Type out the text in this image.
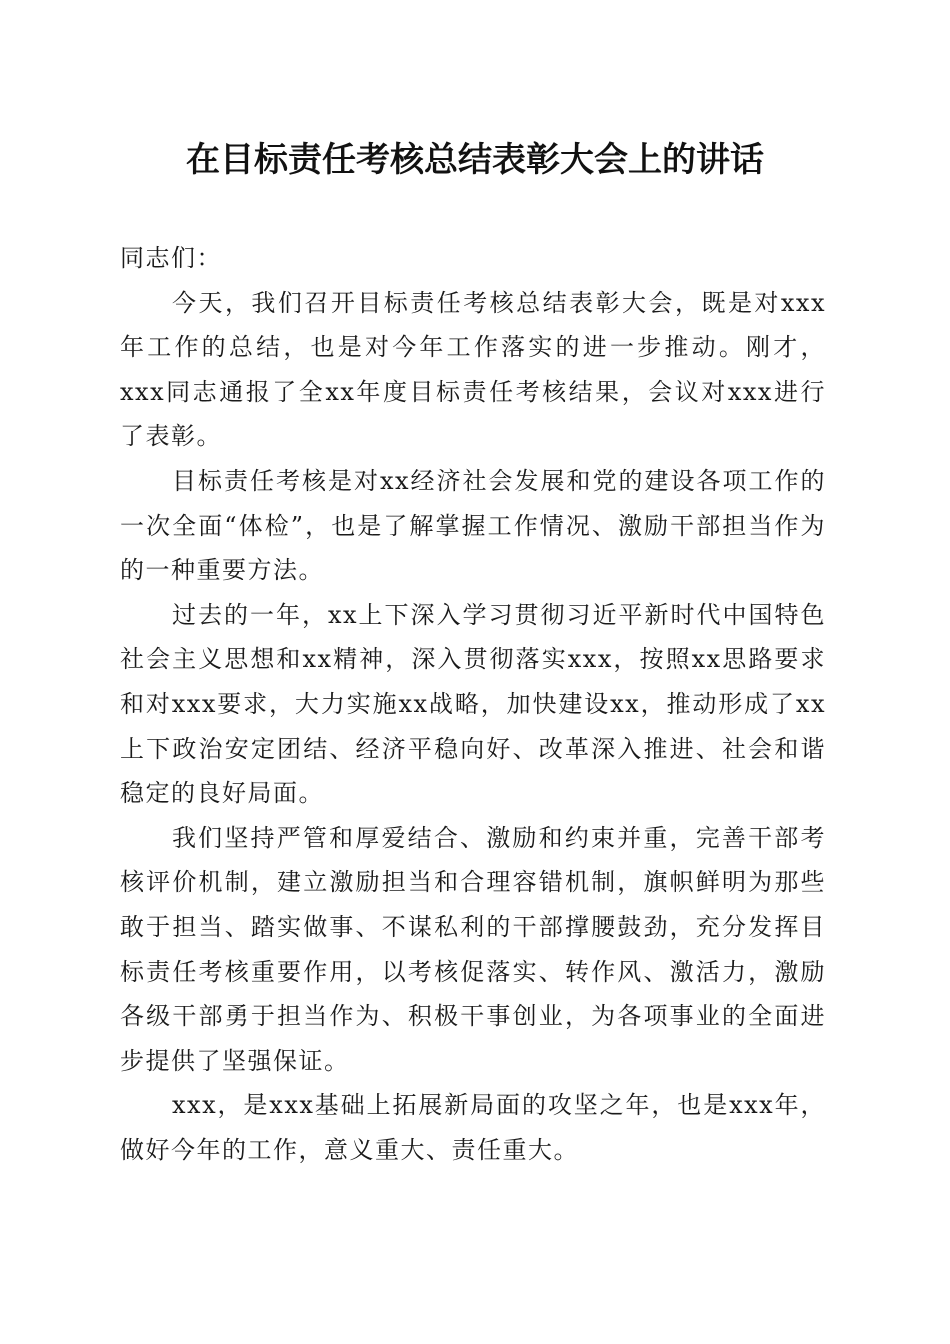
在目标责任考核总结表彰大会上的讲话

同志们：

今天，我们召开目标责任考核总结表彰大会，既是对xxx年工作的总结，也是对今年工作落实的进一步推动。刚才，xxx同志通报了全xx年度目标责任考核结果，会议对xxx进行了表彰。

目标责任考核是对xx经济社会发展和党的建设各项工作的一次全面“体检”，也是了解掌握工作情况、激励干部担当作为的一种重要方法。

过去的一年，xx上下深入学习贯彻习近平新时代中国特色社会主义思想和xx精神，深入贯彻落实xxx，按照xx思路要求和对xxx要求，大力实施xx战略，加快建设xx，推动形成了xx上下政治安定团结、经济平稳向好、改革深入推进、社会和谐稳定的良好局面。

我们坚持严管和厚爱结合、激励和约束并重，完善干部考核评价机制，建立激励担当和合理容错机制，旗帜鲜明为那些敢于担当、踏实做事、不谋私利的干部撑腰鼓劲，充分发挥目标责任考核重要作用，以考核促落实、转作风、激活力，激励各级干部勇于担当作为、积极干事创业，为各项事业的全面进步提供了坚强保证。

xxx，是xxx基础上拓展新局面的攻坚之年，也是xxx年，做好今年的工作，意义重大、责任重大。
